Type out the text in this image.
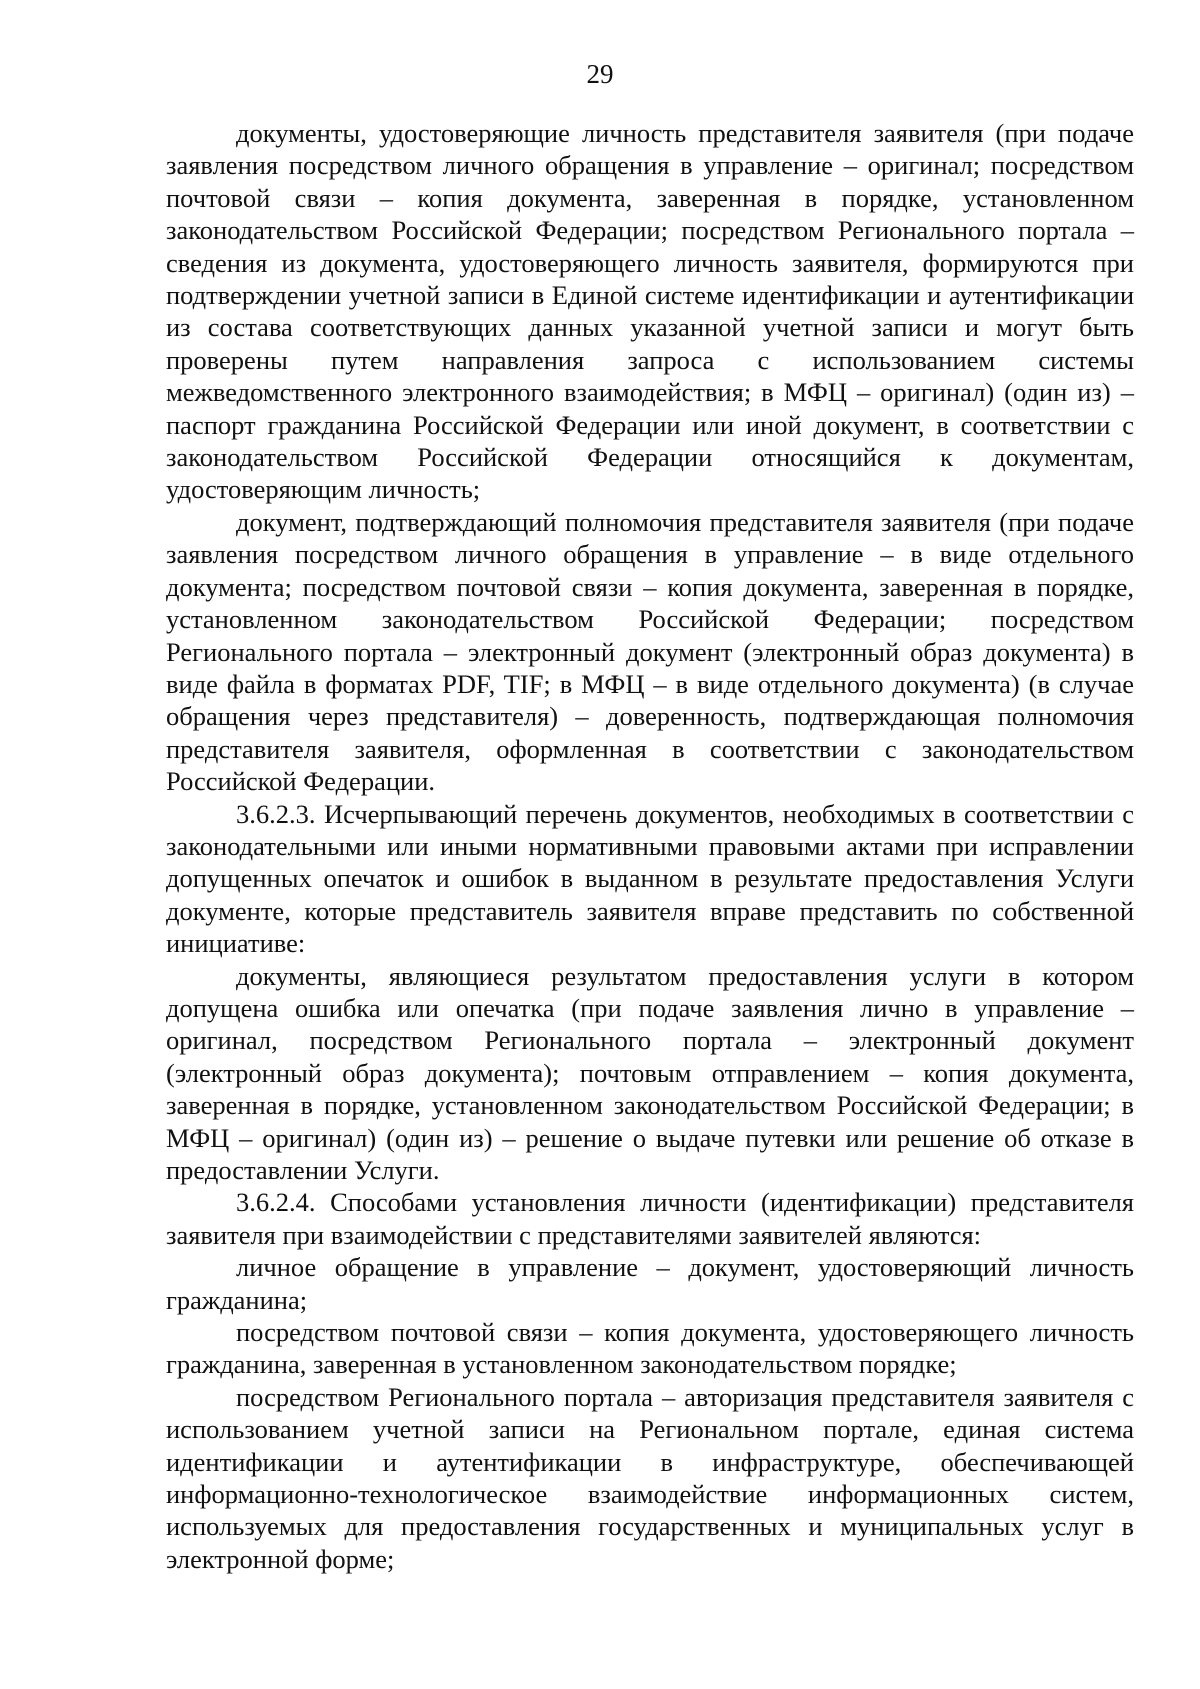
29

документы, удостоверяющие личность представителя заявителя (при подаче заявления посредством личного обращения в управление – оригинал; посредством почтовой связи – копия документа, заверенная в порядке, установленном законодательством Российской Федерации; посредством Регионального портала – сведения из документа, удостоверяющего личность заявителя, формируются при подтверждении учетной записи в Единой системе идентификации и аутентификации из состава соответствующих данных указанной учетной записи и могут быть проверены путем направления запроса с использованием системы межведомственного электронного взаимодействия; в МФЦ – оригинал) (один из) – паспорт гражданина Российской Федерации или иной документ, в соответствии с законодательством Российской Федерации относящийся к документам, удостоверяющим личность;

документ, подтверждающий полномочия представителя заявителя (при подаче заявления посредством личного обращения в управление – в виде отдельного документа; посредством почтовой связи – копия документа, заверенная в порядке, установленном законодательством Российской Федерации; посредством Регионального портала – электронный документ (электронный образ документа) в виде файла в форматах PDF, TIF; в МФЦ – в виде отдельного документа) (в случае обращения через представителя) – доверенность, подтверждающая полномочия представителя заявителя, оформленная в соответствии с законодательством Российской Федерации.

3.6.2.3. Исчерпывающий перечень документов, необходимых в соответствии с законодательными или иными нормативными правовыми актами при исправлении допущенных опечаток и ошибок в выданном в результате предоставления Услуги документе, которые представитель заявителя вправе представить по собственной инициативе:

документы, являющиеся результатом предоставления услуги в котором допущена ошибка или опечатка (при подаче заявления лично в управление – оригинал, посредством Регионального портала – электронный документ (электронный образ документа); почтовым отправлением – копия документа, заверенная в порядке, установленном законодательством Российской Федерации; в МФЦ – оригинал) (один из) – решение о выдаче путевки или решение об отказе в предоставлении Услуги.

3.6.2.4. Способами установления личности (идентификации) представителя заявителя при взаимодействии с представителями заявителей являются:

личное обращение в управление – документ, удостоверяющий личность гражданина;

посредством почтовой связи – копия документа, удостоверяющего личность гражданина, заверенная в установленном законодательством порядке;

посредством Регионального портала – авторизация представителя заявителя с использованием учетной записи на Региональном портале, единая система идентификации и аутентификации в инфраструктуре, обеспечивающей информационно-технологическое взаимодействие информационных систем, используемых для предоставления государственных и муниципальных услуг в электронной форме;
